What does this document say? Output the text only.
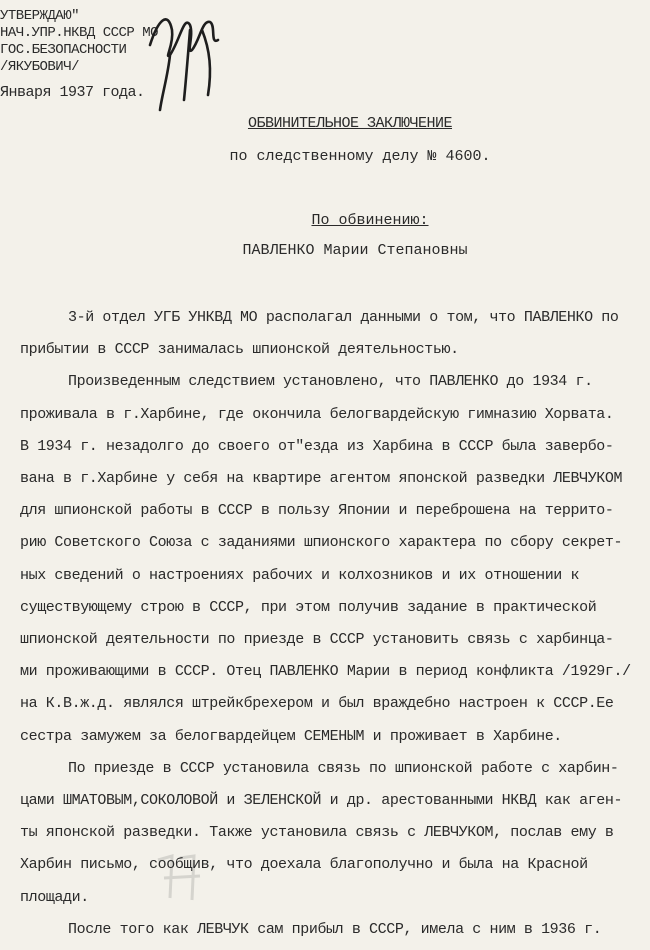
УТВЕРЖДАЮ"
НАЧ.УПР.НКВД СССР МО
ГОС.БЕЗОПАСНОСТИ
/ЯКУБОВИЧ/
Января 1937 года.
ОБВИНИТЕЛЬНОЕ ЗАКЛЮЧЕНИЕ
по следственному делу № 4600.
По обвинению:
ПАВЛЕНКО Марии Степановны
3-й отдел УГБ УНКВД МО располагал данными о том, что ПАВЛЕНКО по
прибытии в СССР занималась шпионской деятельностью.
Произведенным следствием установлено, что ПАВЛЕНКО до 1934 г.
проживала в г.Харбине, где окончила белогвардейскую гимназию Хорвата.
В 1934 г. незадолго до своего от"езда из Харбина в СССР была завербо-
вана в г.Харбине у себя на квартире агентом японской разведки ЛЕВЧУКОМ
для шпионской работы в СССР в пользу Японии и переброшена на террито-
рию Советского Союза с заданиями шпионского характера по сбору секрет-
ных сведений о настроениях рабочих и колхозников и их отношении к
существующему строю в СССР, при этом получив задание в практической
шпионской деятельности по приезде в СССР установить связь с харбинца-
ми проживающими в СССР. Отец ПАВЛЕНКО Марии в период конфликта /1929г./
на К.В.ж.д. являлся штрейкбрехером и был враждебно настроен к СССР.Ее
сестра замужем за белогвардейцем СЕМЕНЫМ и проживает в Харбине.
По приезде в СССР установила связь по шпионской работе с харбин-
цами ШМАТОВЫМ,СОКОЛОВОЙ и ЗЕЛЕНСКОЙ и др. арестованными НКВД как аген-
ты японской разведки. Также установила связь с ЛЕВЧУКОМ, послав ему в
Харбин письмо, сообщив, что доехала благополучно и была на Красной
площади.
После того как ЛЕВЧУК сам прибыл в СССР, имела с ним в 1936 г.
